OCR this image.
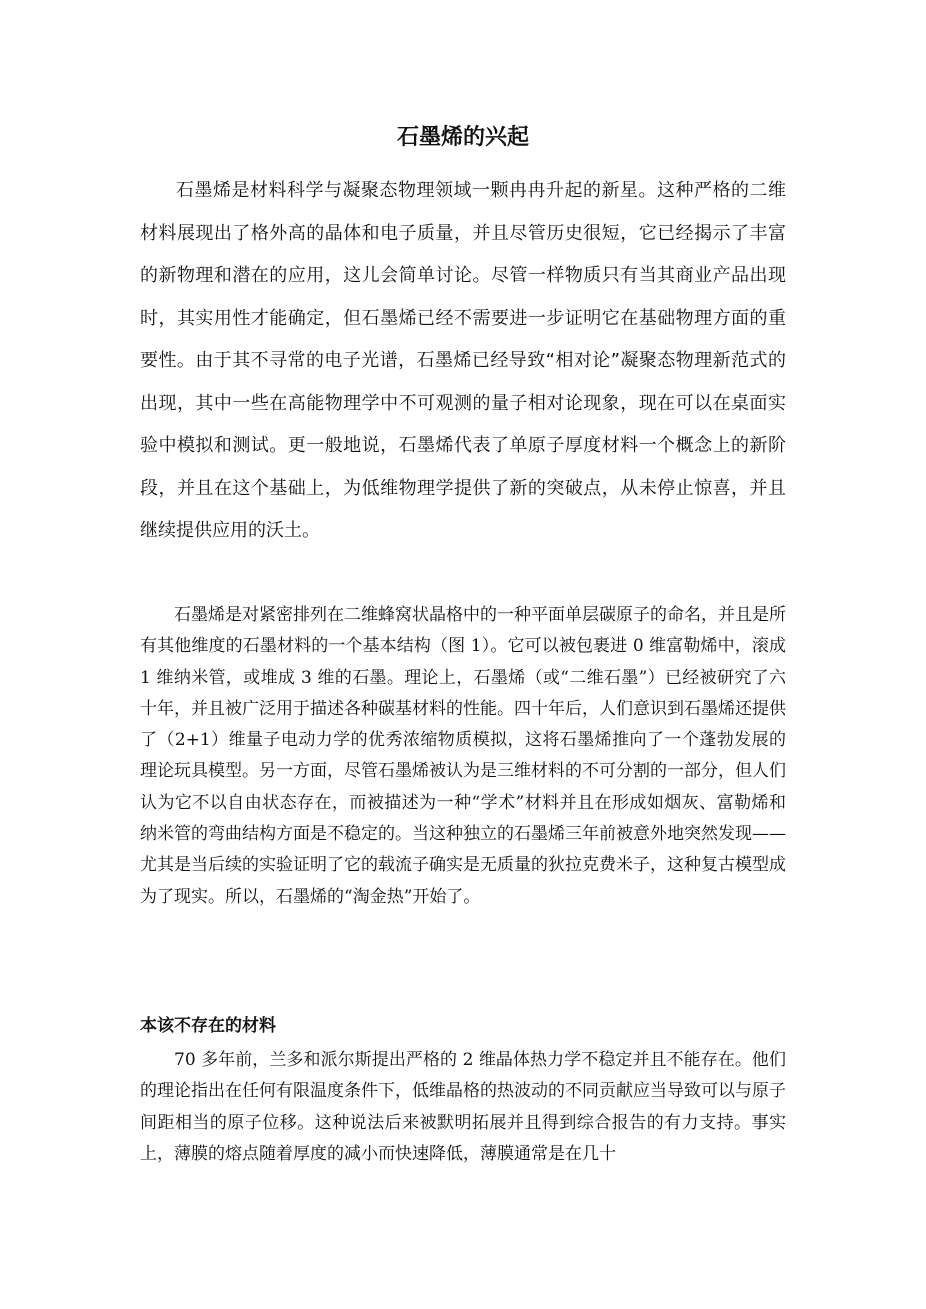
石墨烯的兴起

石墨烯是材料科学与凝聚态物理领域一颗冉冉升起的新星。这种严格的二维材料展现出了格外高的晶体和电子质量，并且尽管历史很短，它已经揭示了丰富的新物理和潜在的应用，这儿会简单讨论。尽管一样物质只有当其商业产品出现时，其实用性才能确定，但石墨烯已经不需要进一步证明它在基础物理方面的重要性。由于其不寻常的电子光谱，石墨烯已经导致“相对论”凝聚态物理新范式的出现，其中一些在高能物理学中不可观测的量子相对论现象，现在可以在桌面实验中模拟和测试。更一般地说，石墨烯代表了单原子厚度材料一个概念上的新阶段，并且在这个基础上，为低维物理学提供了新的突破点，从未停止惊喜，并且继续提供应用的沃土。

石墨烯是对紧密排列在二维蜂窝状晶格中的一种平面单层碳原子的命名，并且是所有其他维度的石墨材料的一个基本结构（图 1）。它可以被包裹进 0 维富勒烯中，滚成 1 维纳米管，或堆成 3 维的石墨。理论上，石墨烯（或“二维石墨”）已经被研究了六十年，并且被广泛用于描述各种碳基材料的性能。四十年后，人们意识到石墨烯还提供了（2+1）维量子电动力学的优秀浓缩物质模拟，这将石墨烯推向了一个蓬勃发展的理论玩具模型。另一方面，尽管石墨烯被认为是三维材料的不可分割的一部分，但人们认为它不以自由状态存在，而被描述为一种“学术”材料并且在形成如烟灰、富勒烯和纳米管的弯曲结构方面是不稳定的。当这种独立的石墨烯三年前被意外地突然发现——尤其是当后续的实验证明了它的载流子确实是无质量的狄拉克费米子，这种复古模型成为了现实。所以，石墨烯的“淘金热”开始了。

本该不存在的材料

70 多年前，兰多和派尔斯提出严格的 2 维晶体热力学不稳定并且不能存在。他们的理论指出在任何有限温度条件下，低维晶格的热波动的不同贡献应当导致可以与原子间距相当的原子位移。这种说法后来被默明拓展并且得到综合报告的有力支持。事实上，薄膜的熔点随着厚度的减小而快速降低，薄膜通常是在几十
